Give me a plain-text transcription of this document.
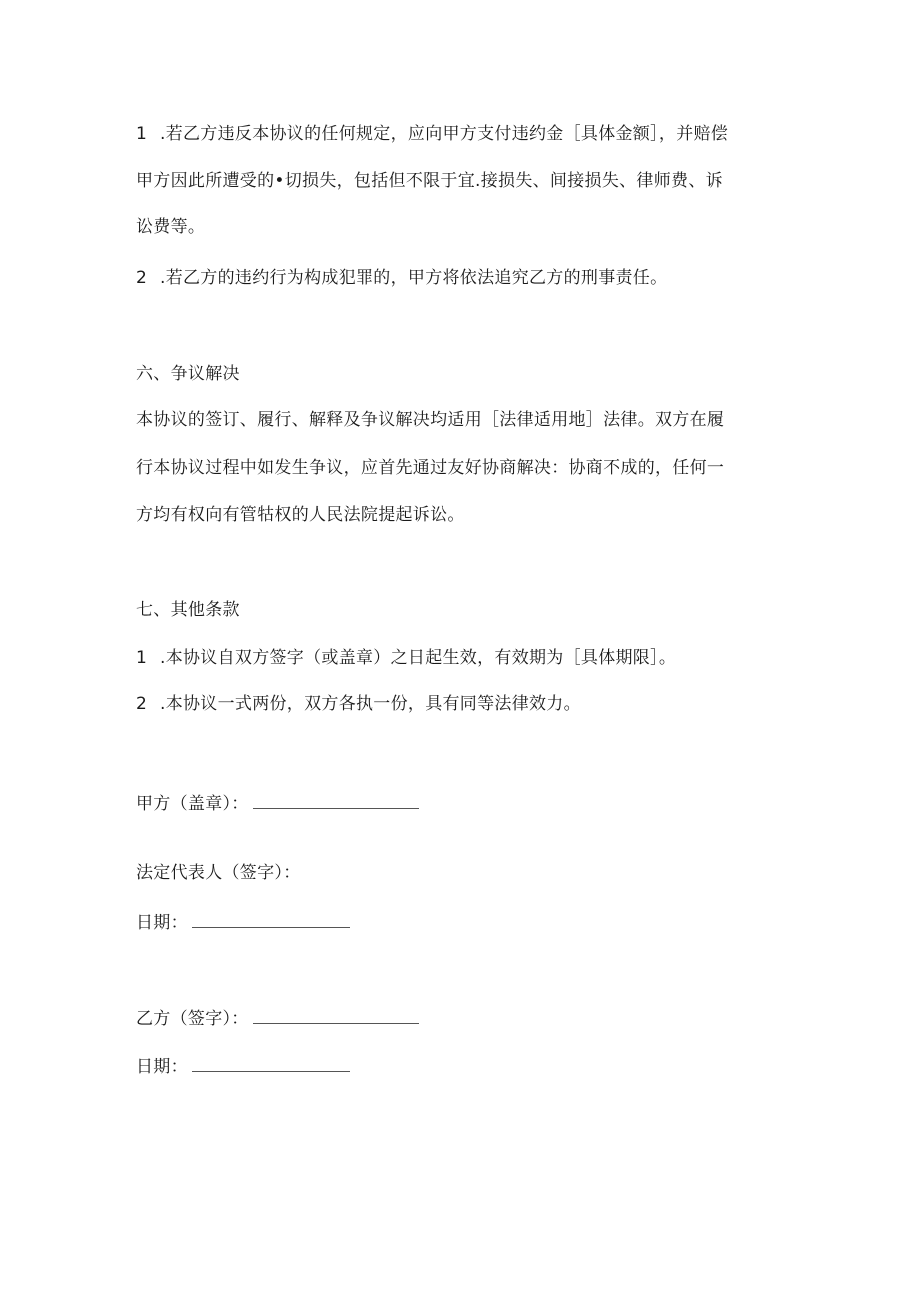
1 .若乙方违反本协议的任何规定，应向甲方支付违约金［具体金额］，并赔偿
甲方因此所遭受的•切损失，包括但不限于宜.接损失、间接损失、律师费、诉
讼费等。
2 .若乙方的违约行为构成犯罪的，甲方将依法追究乙方的刑事责任。
六、争议解决
本协议的签订、履行、解释及争议解决均适用［法律适用地］法律。双方在履
行本协议过程中如发生争议，应首先通过友好协商解决：协商不成的，任何一
方均有权向有管牯权的人民法院提起诉讼。
七、其他条款
1 .本协议自双方签字（或盖章）之日起生效，有效期为［具体期限］。
2 .本协议一式两份，双方各执一份，具有同等法律效力。
甲方（盖章）：
法定代表人（签字）：
日期：
乙方（签字）：
日期：
